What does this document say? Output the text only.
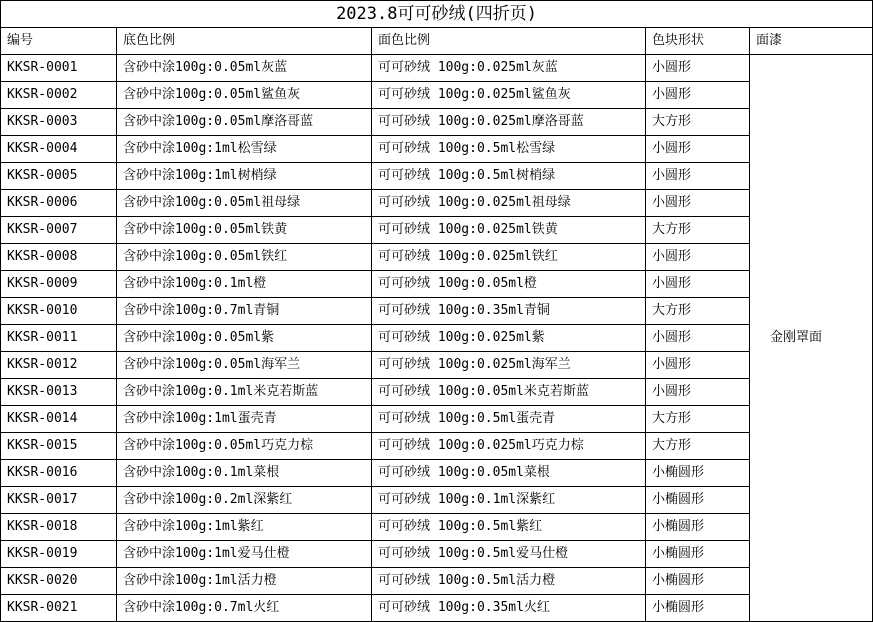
2023.8可可砂绒(四折页)				
编号	底色比例	面色比例	色块形状	面漆
KKSR-0001	含砂中涂100g:0.05ml灰蓝	可可砂绒 100g:0.025ml灰蓝	小圆形	金刚罩面
KKSR-0002	含砂中涂100g:0.05ml鲨鱼灰	可可砂绒 100g:0.025ml鲨鱼灰	小圆形	
KKSR-0003	含砂中涂100g:0.05ml摩洛哥蓝	可可砂绒 100g:0.025ml摩洛哥蓝	大方形	
KKSR-0004	含砂中涂100g:1ml松雪绿	可可砂绒 100g:0.5ml松雪绿	小圆形	
KKSR-0005	含砂中涂100g:1ml树梢绿	可可砂绒 100g:0.5ml树梢绿	小圆形	
KKSR-0006	含砂中涂100g:0.05ml祖母绿	可可砂绒 100g:0.025ml祖母绿	小圆形	
KKSR-0007	含砂中涂100g:0.05ml铁黄	可可砂绒 100g:0.025ml铁黄	大方形	
KKSR-0008	含砂中涂100g:0.05ml铁红	可可砂绒 100g:0.025ml铁红	小圆形	
KKSR-0009	含砂中涂100g:0.1ml橙	可可砂绒 100g:0.05ml橙	小圆形	
KKSR-0010	含砂中涂100g:0.7ml青铜	可可砂绒 100g:0.35ml青铜	大方形	
KKSR-0011	含砂中涂100g:0.05ml紫	可可砂绒 100g:0.025ml紫	小圆形	
KKSR-0012	含砂中涂100g:0.05ml海军兰	可可砂绒 100g:0.025ml海军兰	小圆形	
KKSR-0013	含砂中涂100g:0.1ml米克若斯蓝	可可砂绒 100g:0.05ml米克若斯蓝	小圆形	
KKSR-0014	含砂中涂100g:1ml蛋壳青	可可砂绒 100g:0.5ml蛋壳青	大方形	
KKSR-0015	含砂中涂100g:0.05ml巧克力棕	可可砂绒 100g:0.025ml巧克力棕	大方形	
KKSR-0016	含砂中涂100g:0.1ml菜根	可可砂绒 100g:0.05ml菜根	小椭圆形	
KKSR-0017	含砂中涂100g:0.2ml深紫红	可可砂绒 100g:0.1ml深紫红	小椭圆形	
KKSR-0018	含砂中涂100g:1ml紫红	可可砂绒 100g:0.5ml紫红	小椭圆形	
KKSR-0019	含砂中涂100g:1ml爱马仕橙	可可砂绒 100g:0.5ml爱马仕橙	小椭圆形	
KKSR-0020	含砂中涂100g:1ml活力橙	可可砂绒 100g:0.5ml活力橙	小椭圆形	
KKSR-0021	含砂中涂100g:0.7ml火红	可可砂绒 100g:0.35ml火红	小椭圆形	
